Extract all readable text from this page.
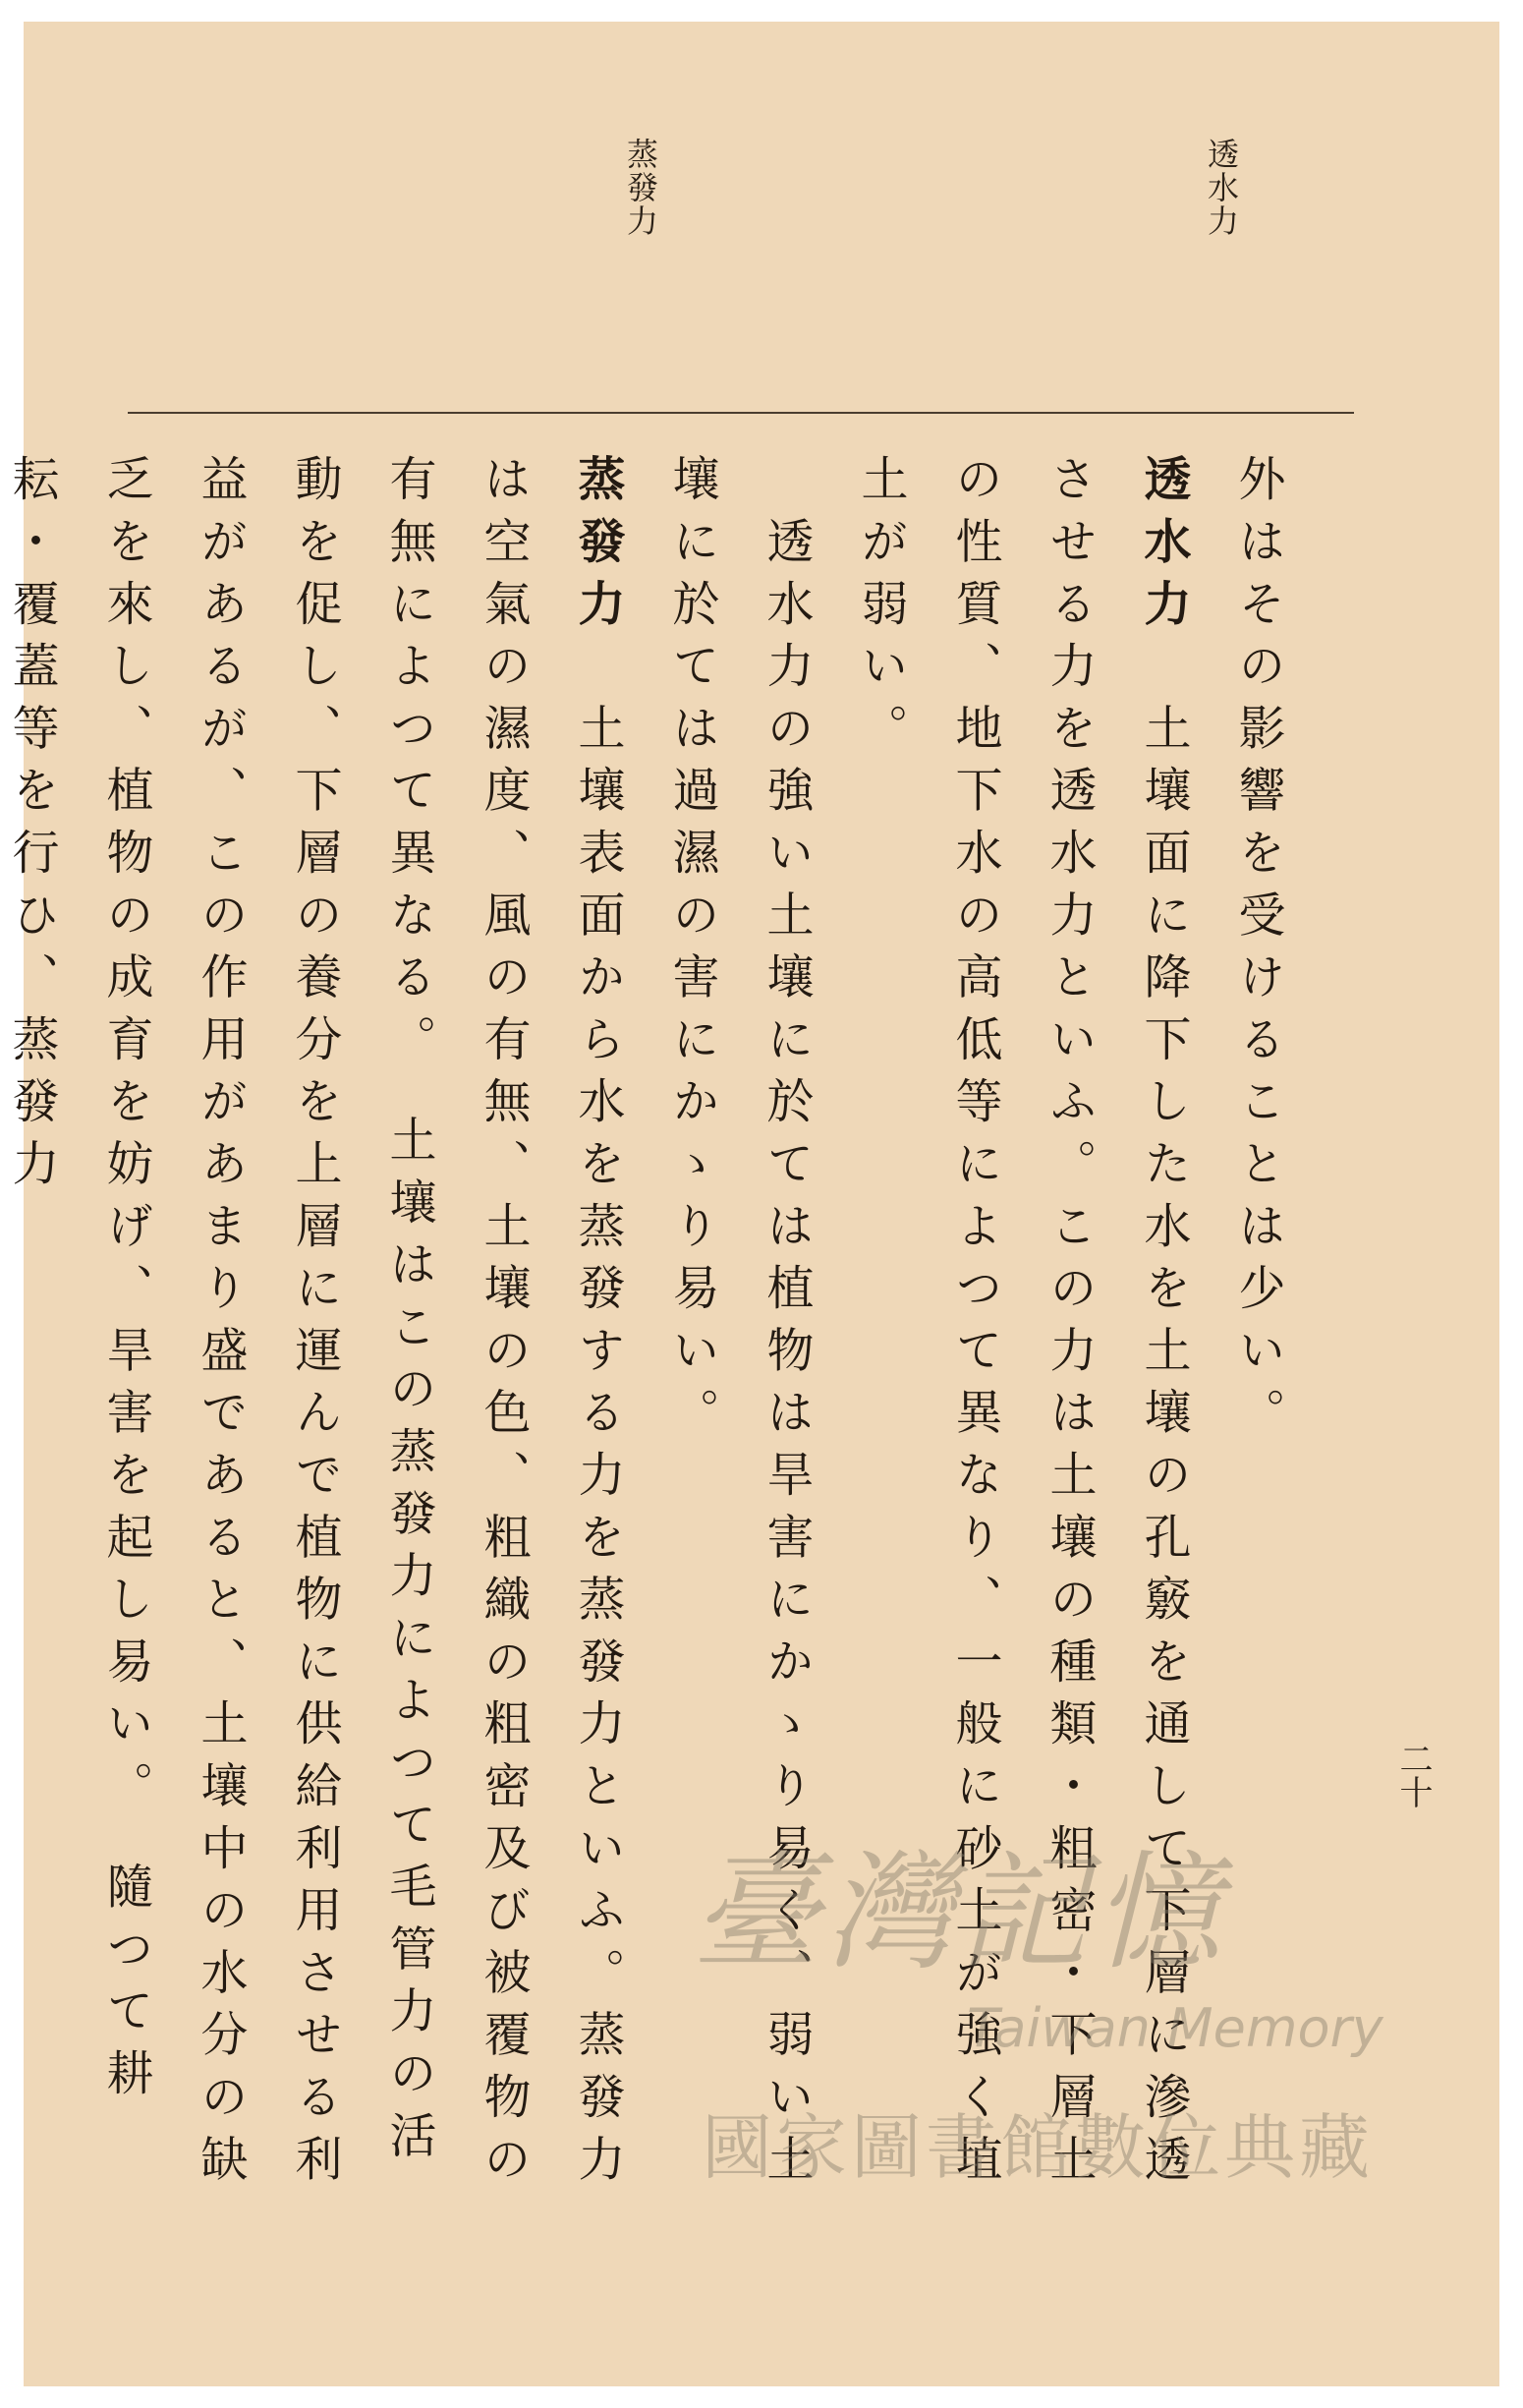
透水力
蒸發力

外はその影響を受けることは少い。

透水力　土壤面に降下した水を土壤の孔竅を通して下層に滲透させる力を透水力といふ。この力は土壤の種類・粗密・下層土の性質、地下水の高低等によつて異なり、一般に砂土が強く埴土が弱い。

　透水力の強い土壤に於ては植物は旱害にかゝり易く、弱い土壤に於ては過濕の害にかゝり易い。

蒸發力　土壤表面から水を蒸發する力を蒸發力といふ。蒸發力は空氣の濕度、風の有無、土壤の色、粗織の粗密及び被覆物の有無によつて異なる。　土壤はこの蒸發力によつて毛管力の活動を促し、下層の養分を上層に運んで植物に供給利用させる利益があるが、この作用があまり盛であると、土壤中の水分の缺乏を來し、植物の成育を妨げ、旱害を起し易い。　隨つて耕耘・覆蓋等を行ひ、蒸發力

二十
臺灣記憶
Taiwan Memory
國家圖書館數位典藏
